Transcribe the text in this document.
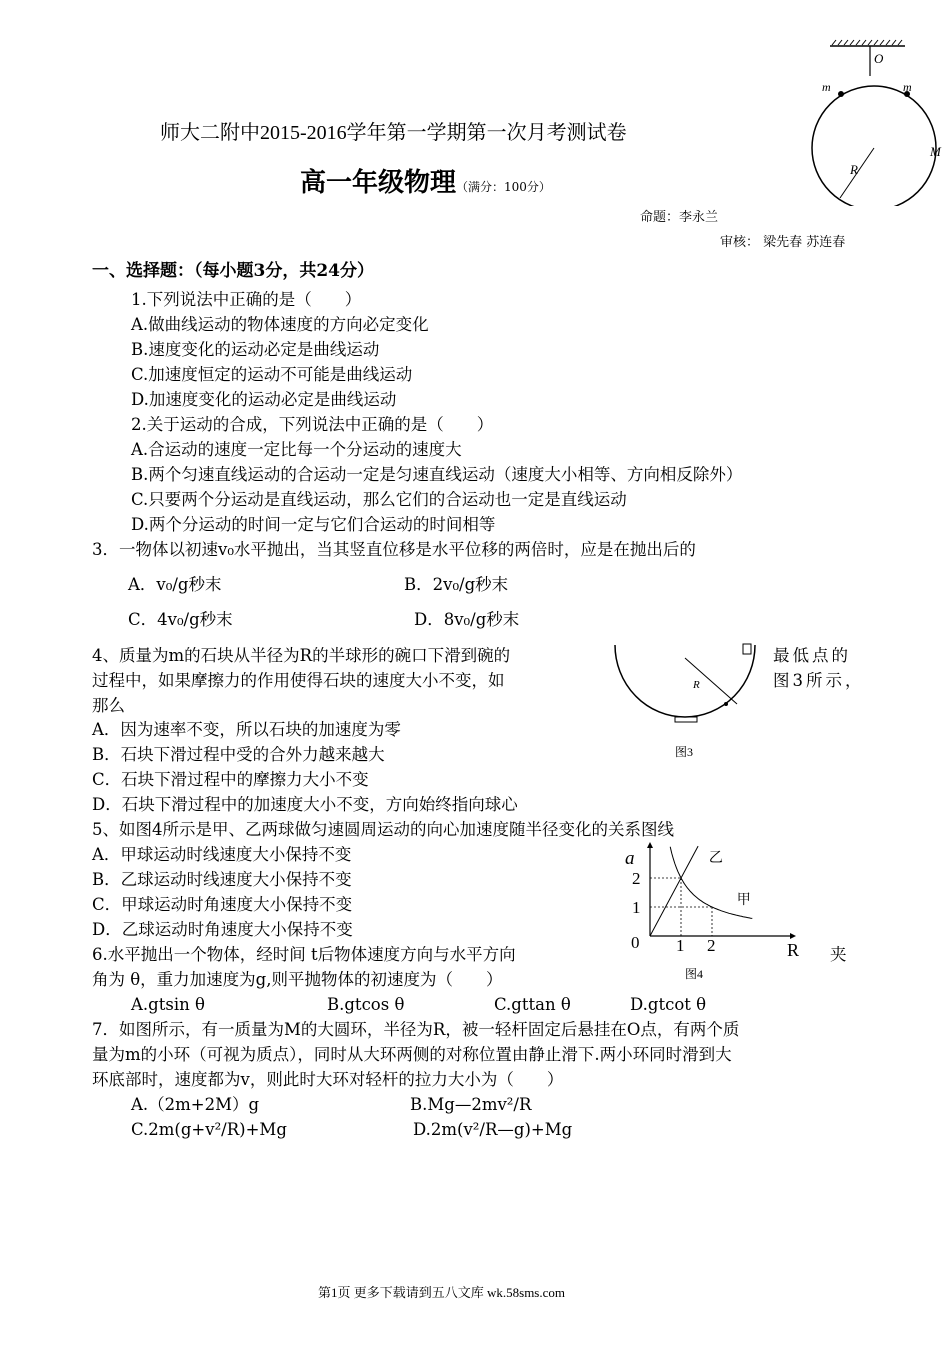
O
m	m
M
R
师大二附中2015-2016学年第一学期第一次月考测试卷
高一年级物理（满分：100分）
命题：李永兰
审核： 梁先春 苏连春
一、选择题：（每小题3分，共24分）
1.下列说法中正确的是（　　）
A.做曲线运动的物体速度的方向必定变化
B.速度变化的运动必定是曲线运动
C.加速度恒定的运动不可能是曲线运动
D.加速度变化的运动必定是曲线运动
2.关于运动的合成，下列说法中正确的是（　　）
A.合运动的速度一定比每一个分运动的速度大
B.两个匀速直线运动的合运动一定是匀速直线运动（速度大小相等、方向相反除外）
C.只要两个分运动是直线运动，那么它们的合运动也一定是直线运动
D.两个分运动的时间一定与它们合运动的时间相等
3．一物体以初速v₀水平抛出，当其竖直位移是水平位移的两倍时，应是在抛出后的
A．v₀/g秒末	B．2v₀/g秒末
C．4v₀/g秒末	D．8v₀/g秒末
4、质量为m的石块从半径为R的半球形的碗口下滑到碗的	最低点的
过程中，如果摩擦力的作用使得石块的速度大小不变，如	图3所示，
那么
A．因为速率不变，所以石块的加速度为零
B．石块下滑过程中受的合外力越来越大
C．石块下滑过程中的摩擦力大小不变
D．石块下滑过程中的加速度大小不变，方向始终指向球心
R
图3
5、如图4所示是甲、乙两球做匀速圆周运动的向心加速度随半径变化的关系图线
A．甲球运动时线速度大小保持不变
B．乙球运动时线速度大小保持不变
C．甲球运动时角速度大小保持不变
D．乙球运动时角速度大小保持不变
a
R
0 1 2
1
2
乙
甲
图4
6.水平抛出一个物体，经时间 t后物体速度方向与水平方向	夹
角为 θ，重力加速度为g,则平抛物体的初速度为（　　）
A.gtsin θ	B.gtcos θ	C.gttan θ	D.gtcot θ
7．如图所示，有一质量为M的大圆环，半径为R，被一轻杆固定后悬挂在O点，有两个质
量为m的小环（可视为质点），同时从大环两侧的对称位置由静止滑下.两小环同时滑到大
环底部时，速度都为v，则此时大环对轻杆的拉力大小为（　　）
A.（2m+2M）g	B.Mg—2mv²/R
C.2m(g+v²/R)+Mg	D.2m(v²/R—g)+Mg
第1页 更多下载请到五八文库 wk.58sms.com
